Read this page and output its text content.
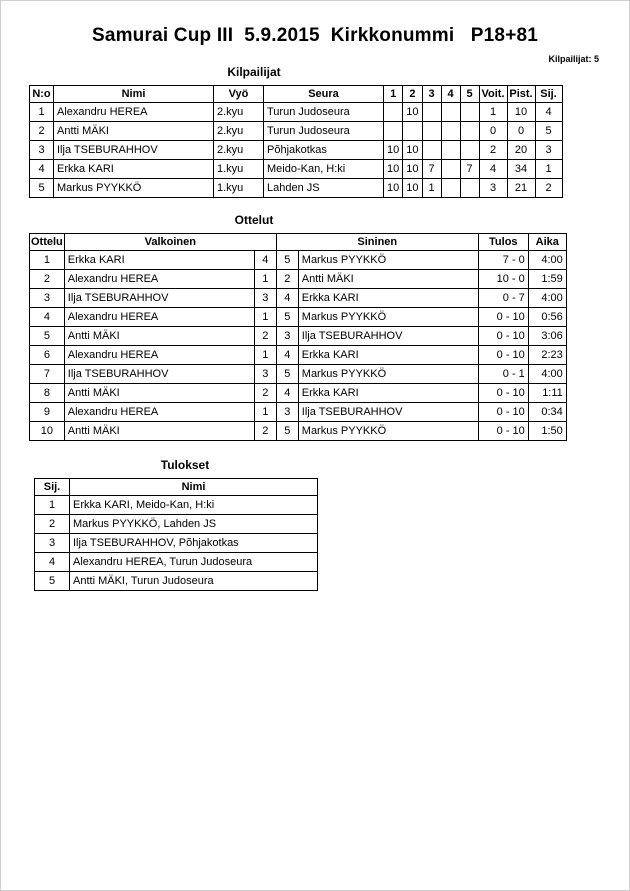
Samurai Cup III  5.9.2015  Kirkkonummi   P18+81
Kilpailijat: 5
Kilpailijat
N:o	Nimi	Vyö	Seura	1	2	3	4	5	Voit.	Pist.	Sij.
1	Alexandru HEREA	2.kyu	Turun Judoseura		10				1	10	4
2	Antti MÄKI	2.kyu	Turun Judoseura						0	0	5
3	Ilja TSEBURAHHOV	2.kyu	Põhjakotkas	10	10				2	20	3
4	Erkka KARI	1.kyu	Meido-Kan, H:ki	10	10	7		7	4	34	1
5	Markus PYYKKÖ	1.kyu	Lahden JS	10	10	1			3	21	2
Ottelut
Ottelu	Valkoinen		Sininen		Tulos	Aika
1	Erkka KARI	4	5	Markus PYYKKÖ	7 - 0	4:00
2	Alexandru HEREA	1	2	Antti MÄKI	10 - 0	1:59
3	Ilja TSEBURAHHOV	3	4	Erkka KARI	0 - 7	4:00
4	Alexandru HEREA	1	5	Markus PYYKKÖ	0 - 10	0:56
5	Antti MÄKI	2	3	Ilja TSEBURAHHOV	0 - 10	3:06
6	Alexandru HEREA	1	4	Erkka KARI	0 - 10	2:23
7	Ilja TSEBURAHHOV	3	5	Markus PYYKKÖ	0 - 1	4:00
8	Antti MÄKI	2	4	Erkka KARI	0 - 10	1:11
9	Alexandru HEREA	1	3	Ilja TSEBURAHHOV	0 - 10	0:34
10	Antti MÄKI	2	5	Markus PYYKKÖ	0 - 10	1:50
Tulokset
Sij.	Nimi
1	Erkka KARI, Meido-Kan, H:ki
2	Markus PYYKKÖ, Lahden JS
3	Ilja TSEBURAHHOV, Põhjakotkas
4	Alexandru HEREA, Turun Judoseura
5	Antti MÄKI, Turun Judoseura
